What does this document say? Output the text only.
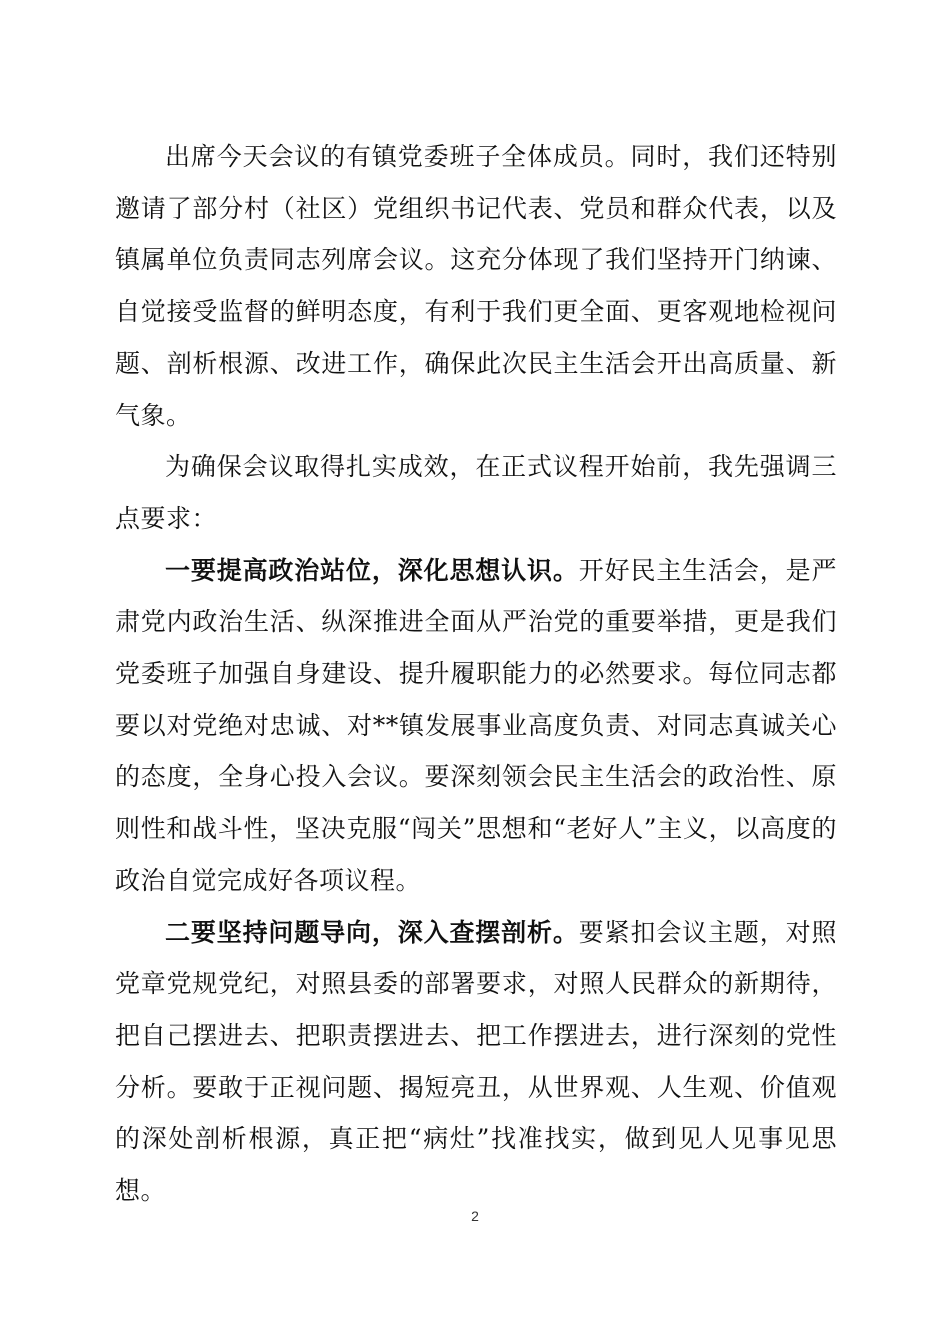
出席今天会议的有镇党委班子全体成员。同时，我们还特别邀请了部分村（社区）党组织书记代表、党员和群众代表，以及镇属单位负责同志列席会议。这充分体现了我们坚持开门纳谏、自觉接受监督的鲜明态度，有利于我们更全面、更客观地检视问题、剖析根源、改进工作，确保此次民主生活会开出高质量、新气象。

为确保会议取得扎实成效，在正式议程开始前，我先强调三点要求：

一要提高政治站位，深化思想认识。开好民主生活会，是严肃党内政治生活、纵深推进全面从严治党的重要举措，更是我们党委班子加强自身建设、提升履职能力的必然要求。每位同志都要以对党绝对忠诚、对**镇发展事业高度负责、对同志真诚关心的态度，全身心投入会议。要深刻领会民主生活会的政治性、原则性和战斗性，坚决克服“闯关”思想和“老好人”主义，以高度的政治自觉完成好各项议程。

二要坚持问题导向，深入查摆剖析。要紧扣会议主题，对照党章党规党纪，对照县委的部署要求，对照人民群众的新期待，把自己摆进去、把职责摆进去、把工作摆进去，进行深刻的党性分析。要敢于正视问题、揭短亮丑，从世界观、人生观、价值观的深处剖析根源，真正把“病灶”找准找实，做到见人见事见思想。

2
